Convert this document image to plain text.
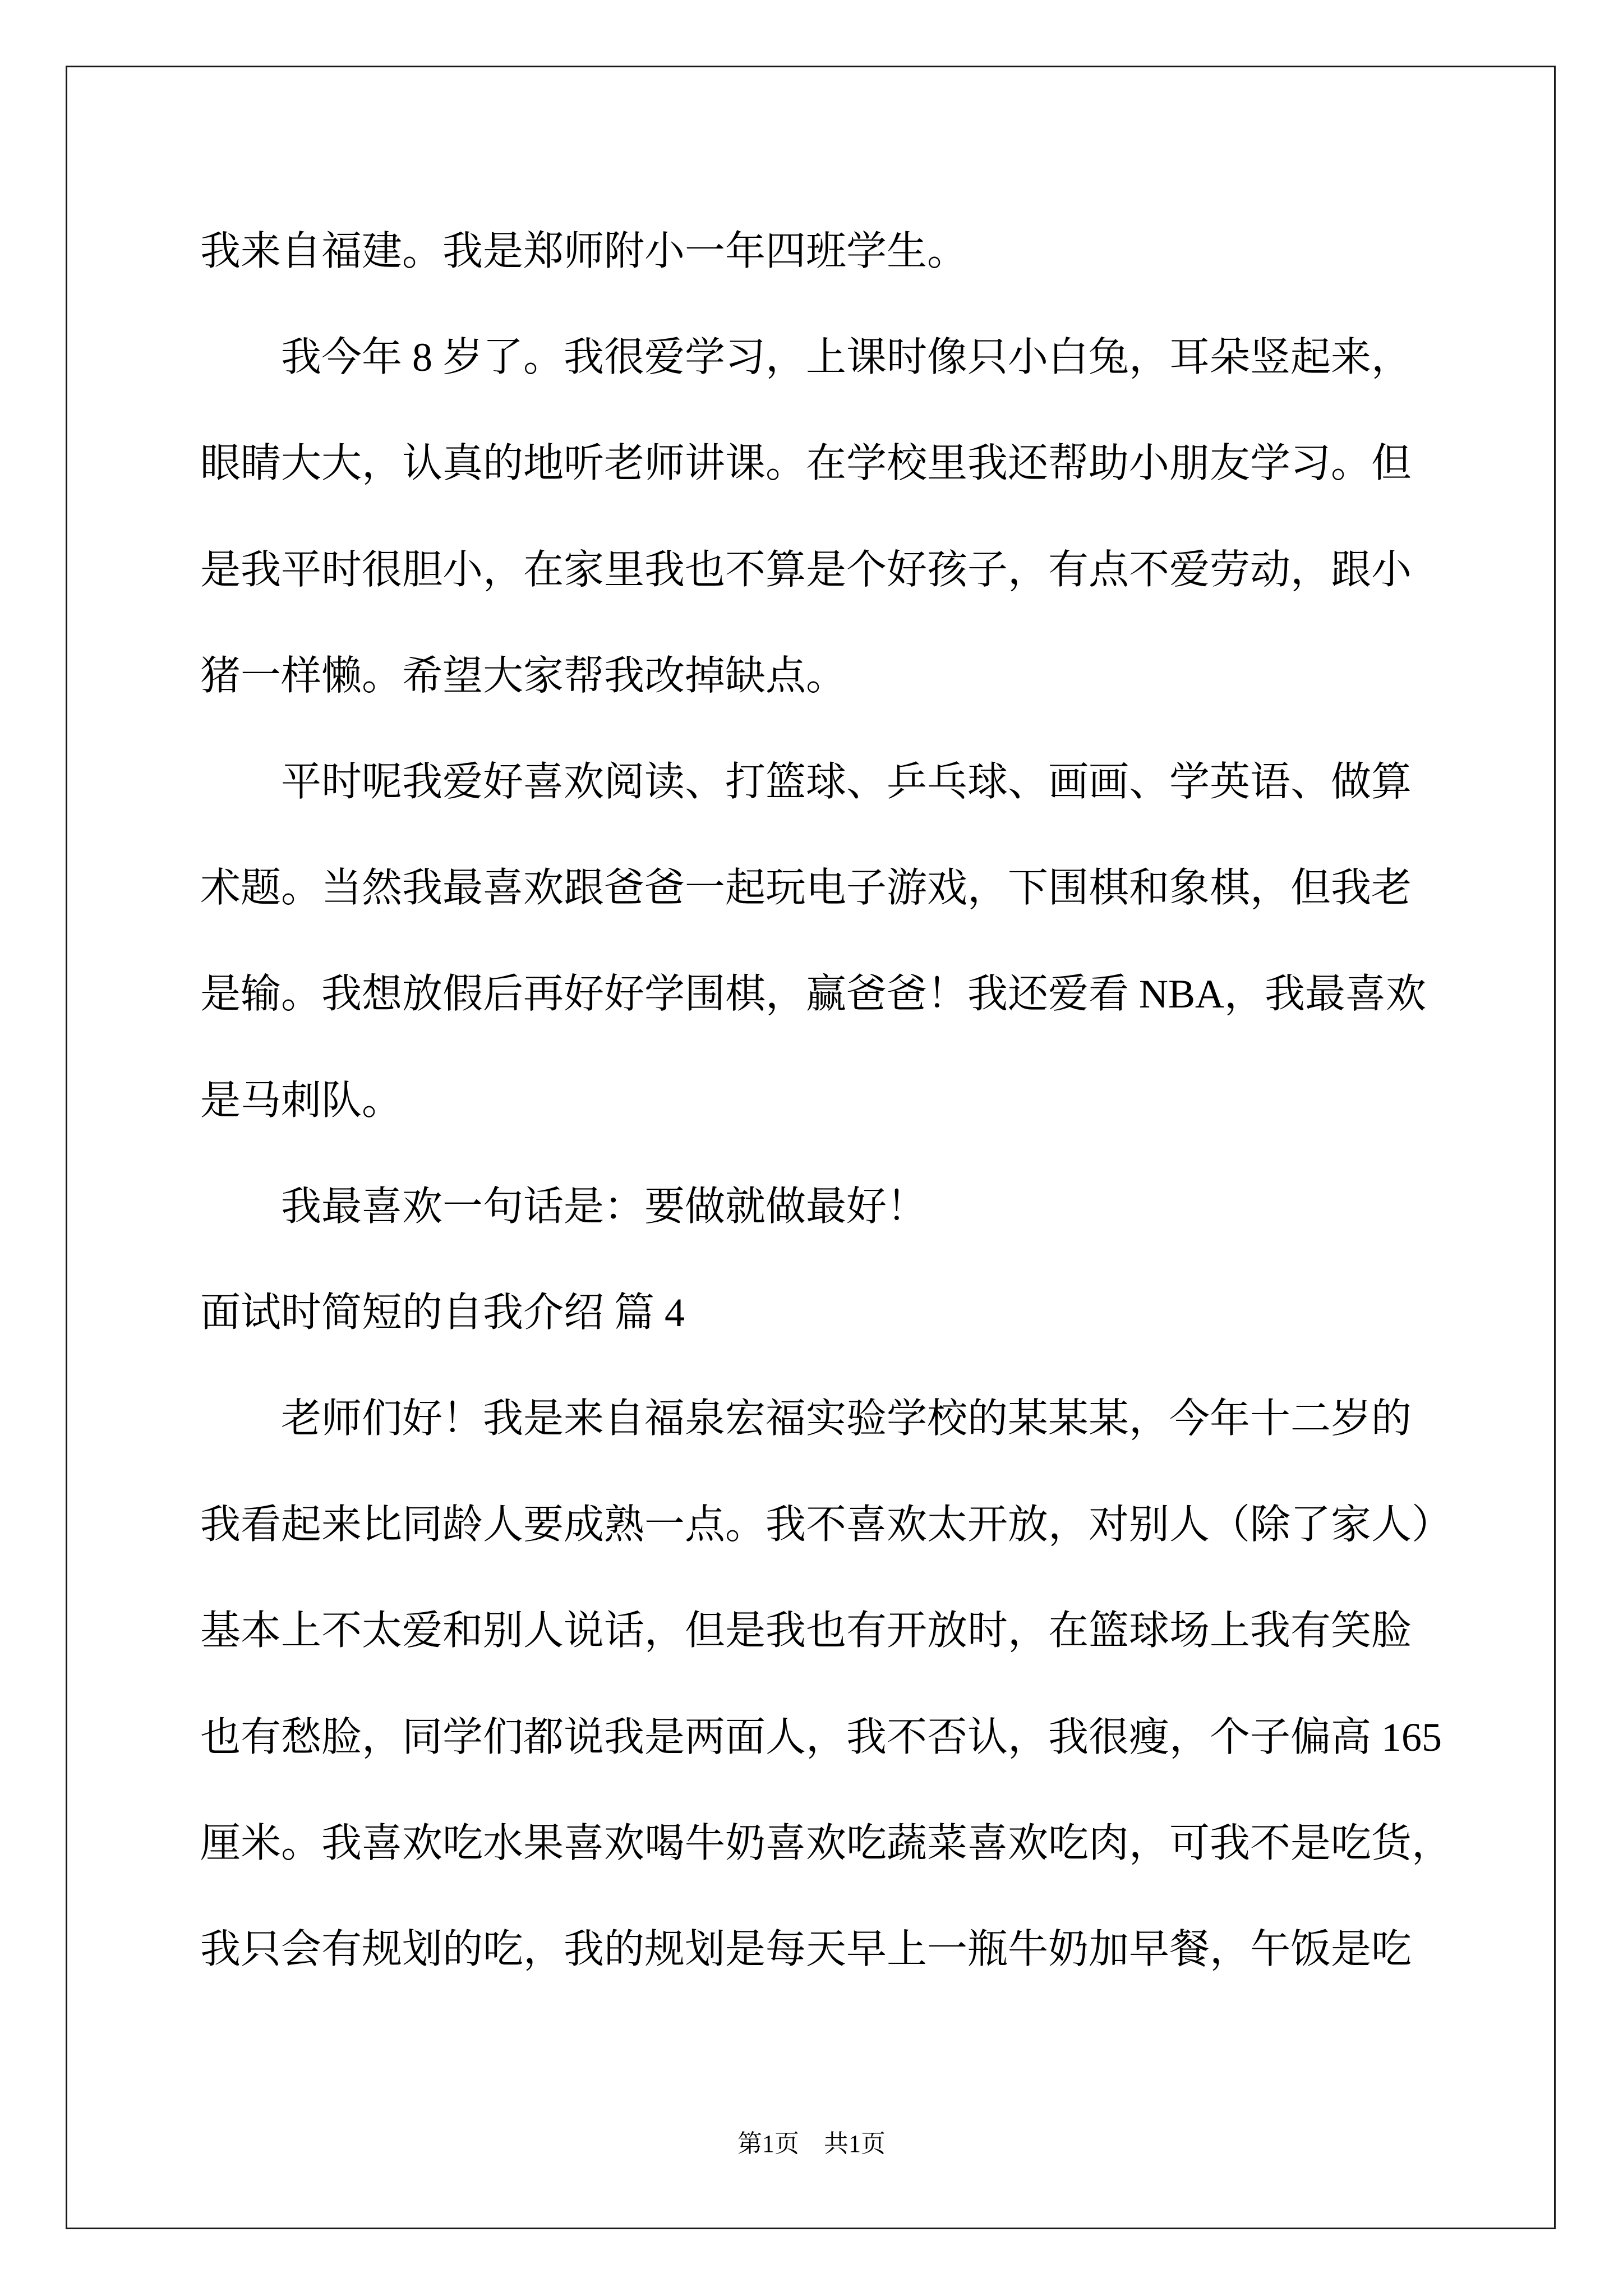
我来自福建。我是郑师附小一年四班学生。
我今年 8 岁了。我很爱学习，上课时像只小白兔，耳朵竖起来，
眼睛大大，认真的地听老师讲课。在学校里我还帮助小朋友学习。但
是我平时很胆小，在家里我也不算是个好孩子，有点不爱劳动，跟小
猪一样懒。希望大家帮我改掉缺点。
平时呢我爱好喜欢阅读、打篮球、乒乓球、画画、学英语、做算
术题。当然我最喜欢跟爸爸一起玩电子游戏，下围棋和象棋，但我老
是输。我想放假后再好好学围棋，赢爸爸！我还爱看 NBA，我最喜欢
是马刺队。
我最喜欢一句话是：要做就做最好！
面试时简短的自我介绍 篇 4
老师们好！我是来自福泉宏福实验学校的某某某，今年十二岁的
我看起来比同龄人要成熟一点。我不喜欢太开放，对别人（除了家人）
基本上不太爱和别人说话，但是我也有开放时，在篮球场上我有笑脸
也有愁脸，同学们都说我是两面人，我不否认，我很瘦，个子偏高 165
厘米。我喜欢吃水果喜欢喝牛奶喜欢吃蔬菜喜欢吃肉，可我不是吃货，
我只会有规划的吃，我的规划是每天早上一瓶牛奶加早餐，午饭是吃
第1页　共1页
